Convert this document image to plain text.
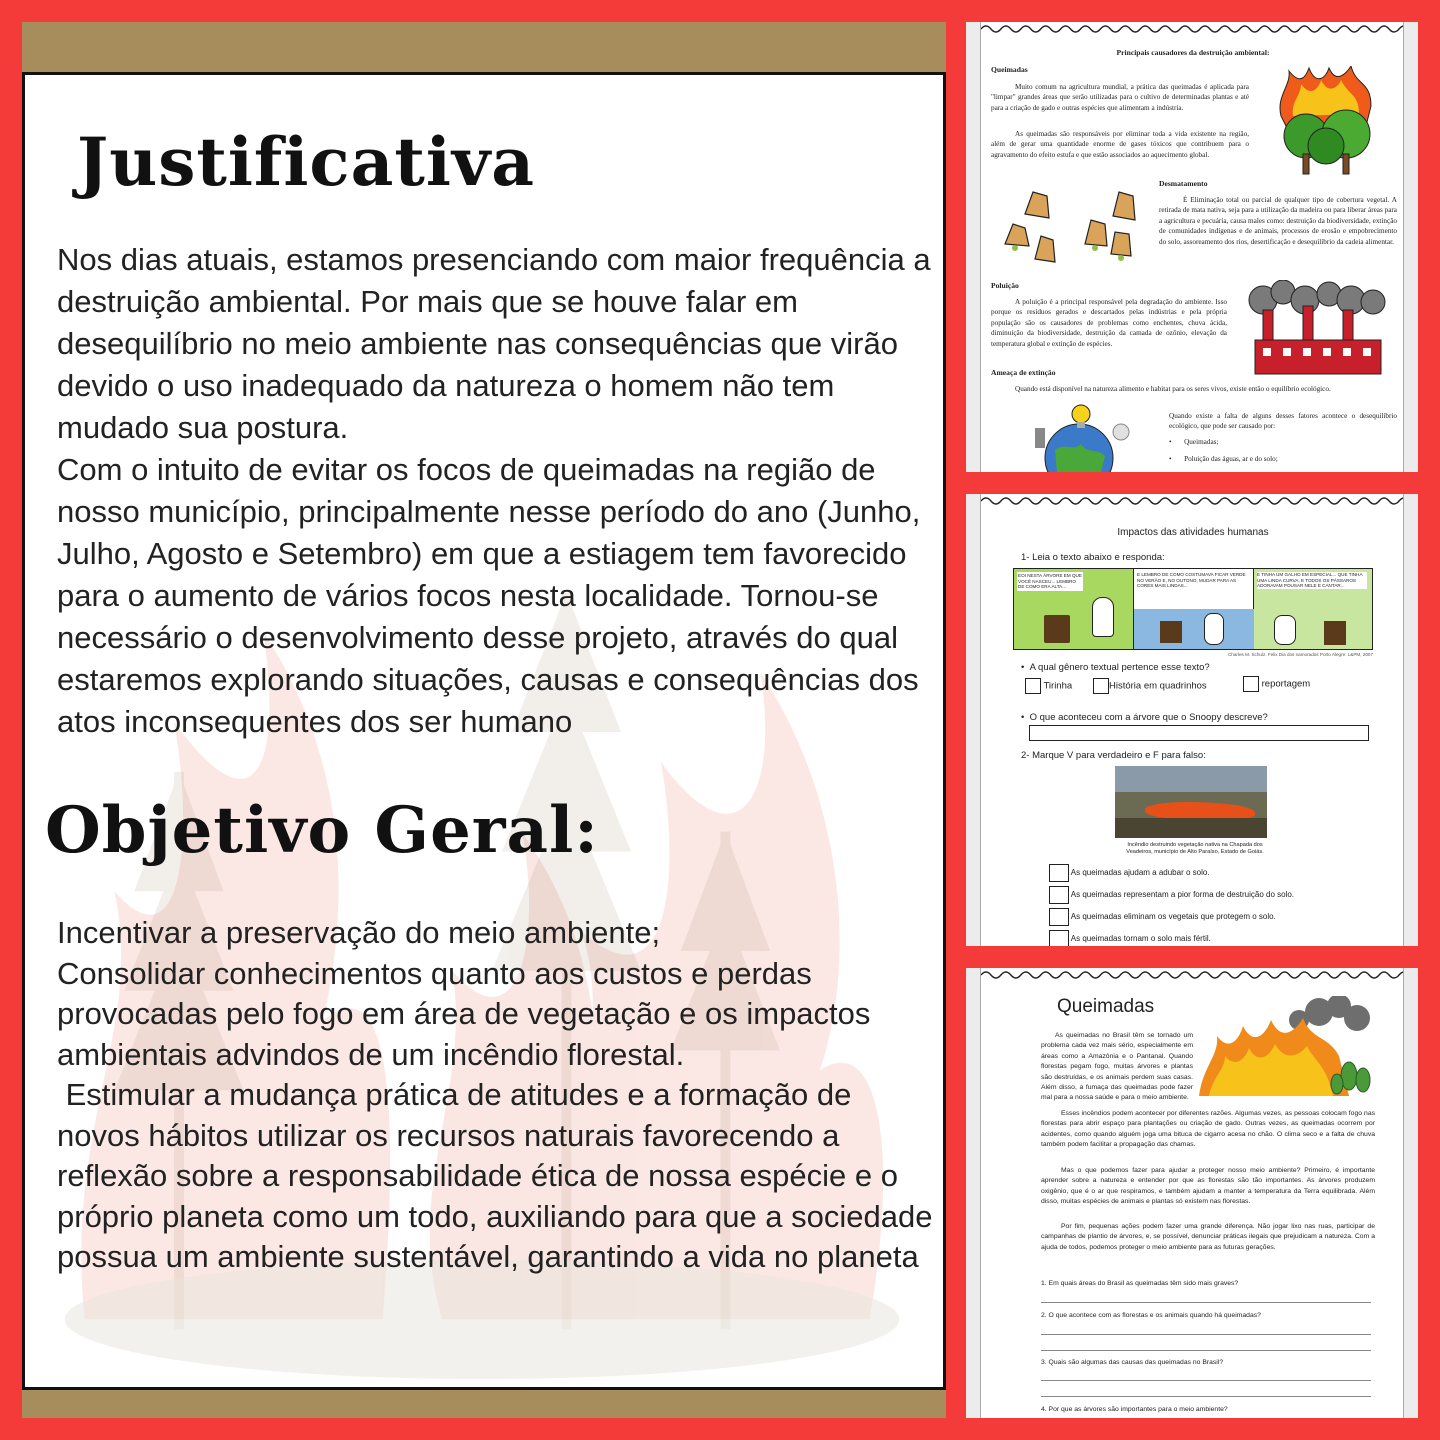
Justificativa

Nos dias atuais, estamos presenciando com maior frequência a destruição ambiental. Por mais que se houve falar em desequilíbrio no meio ambiente nas consequências que virão devido o uso inadequado da natureza o homem não tem mudado sua postura.

Com o intuito de evitar os focos de queimadas na região de nosso município, principalmente nesse período do ano (Junho, Julho, Agosto e Setembro) em que a estiagem tem favorecido para o aumento de vários focos nesta localidade. Tornou-se necessário o desenvolvimento desse projeto, através do qual estaremos explorando situações, causas e consequências dos atos inconsequentes dos ser humano

Objetivo Geral:

Incentivar a preservação do meio ambiente;

Consolidar conhecimentos quanto aos custos e perdas provocadas pelo fogo em área de vegetação e os impactos ambientais advindos de um incêndio florestal.

Estimular a mudança prática de atitudes e a formação de novos hábitos utilizar os recursos naturais favorecendo a reflexão sobre a responsabilidade ética de nossa espécie e o próprio planeta como um todo, auxiliando para que a sociedade possua um ambiente sustentável, garantindo a vida no planeta

Principais causadores da destruição ambiental:
Queimadas
Muito comum na agricultura mundial, a prática das queimadas é aplicada para "limpar" grandes áreas que serão utilizadas para o cultivo de determinadas plantas e até para a criação de gado e outras espécies que alimentam a indústria.
As queimadas são responsáveis por eliminar toda a vida existente na região, além de gerar uma quantidade enorme de gases tóxicos que contribuem para o agravamento do efeito estufa e que estão associados ao aquecimento global.
Desmatamento
É Eliminação total ou parcial de qualquer tipo de cobertura vegetal. A retirada de mata nativa, seja para a utilização da madeira ou para liberar áreas para a agricultura e pecuária, causa males como: destruição da biodiversidade, extinção de comunidades indígenas e de animais, processos de erosão e empobrecimento do solo, assoreamento dos rios, desertificação e desequilíbrio da cadeia alimentar.
Poluição
A poluição é a principal responsável pela degradação do ambiente. Isso porque os resíduos gerados e descartados pelas indústrias e pela própria população são os causadores de problemas como enchentes, chuva ácida, diminuição da biodiversidade, destruição da camada de ozônio, elevação da temperatura global e extinção de espécies.
Ameaça de extinção
Quando está disponível na natureza alimento e habitat para os seres vivos, existe então o equilíbrio ecológico.
Quando existe a falta de alguns desses fatores acontece o desequilíbrio ecológico, que pode ser causado por:
•       Queimadas;
•       Poluição das águas, ar e do solo;
Impactos das atividades humanas
1- Leia o texto abaixo e responda:
EOI NESTA ÁRVORE EM QUE VOCÊ NASCEU... LEMBRO DE COMO ERA ALTA...
E LEMBRO DE COMO COSTUMAVA FICAR VERDE NO VERÃO E, NO OUTONO, MUDAR PARA AS CORES MAIS LINDAS...
E TINHA UM GALHO EM ESPECIAL... QUE TINHA UMA LINDA CURVA, E TODOS OS PÁSSAROS ADORAVAM POUSAR NELE E CANTAR...
Charles M. Schulz. Felix Dia dos namorados Porto Alegre: L&PM, 2007
•  A qual gênero textual pertence esse texto?
Tirinha	História em quadrinhos	reportagem
•  O que aconteceu com a árvore que o Snoopy descreve?
2- Marque V para verdadeiro e F para falso:
Incêndio destruindo vegetação nativa na Chapada dos
Veadeiros, município de Alto Paraíso, Estado de Goiás.
As queimadas ajudam a adubar o solo.
As queimadas representam a pior forma de destruição do solo.
As queimadas eliminam os vegetais que protegem o solo.
As queimadas tornam o solo mais fértil.
Queimadas
As queimadas no Brasil têm se tornado um problema cada vez mais sério, especialmente em áreas como a Amazônia e o Pantanal. Quando florestas pegam fogo, muitas árvores e plantas são destruídas, e os animais perdem suas casas. Além disso, a fumaça das queimadas pode fazer mal para a nossa saúde e para o meio ambiente.
Esses incêndios podem acontecer por diferentes razões. Algumas vezes, as pessoas colocam fogo nas florestas para abrir espaço para plantações ou criação de gado. Outras vezes, as queimadas ocorrem por acidentes, como quando alguém joga uma bituca de cigarro acesa no chão. O clima seco e a falta de chuva também podem facilitar a propagação das chamas.
Mas o que podemos fazer para ajudar a proteger nosso meio ambiente? Primeiro, é importante aprender sobre a natureza e entender por que as florestas são tão importantes. As árvores produzem oxigênio, que é o ar que respiramos, e também ajudam a manter a temperatura da Terra equilibrada. Além disso, muitas espécies de animais e plantas só existem nas florestas.
Por fim, pequenas ações podem fazer uma grande diferença. Não jogar lixo nas ruas, participar de campanhas de plantio de árvores, e, se possível, denunciar práticas ilegais que prejudicam a natureza. Com a ajuda de todos, podemos proteger o meio ambiente para as futuras gerações.
1. Em quais áreas do Brasil as queimadas têm sido mais graves?
2. O que acontece com as florestas e os animais quando há queimadas?
3. Quais são algumas das causas das queimadas no Brasil?
4. Por que as árvores são importantes para o meio ambiente?
